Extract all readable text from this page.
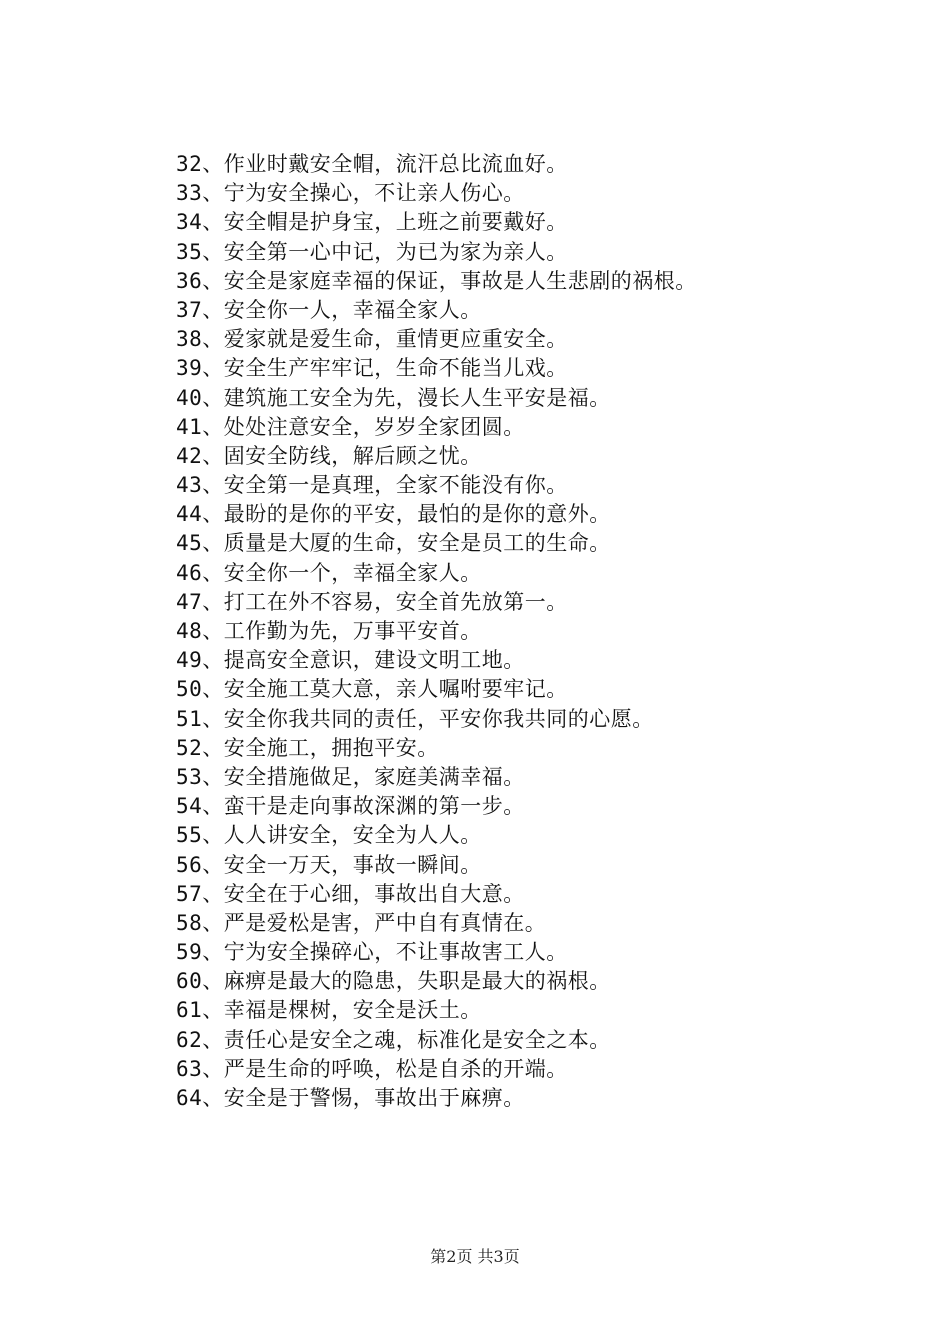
32、作业时戴安全帽，流汗总比流血好。
33、宁为安全操心，不让亲人伤心。
34、安全帽是护身宝，上班之前要戴好。
35、安全第一心中记，为已为家为亲人。
36、安全是家庭幸福的保证，事故是人生悲剧的祸根。
37、安全你一人，幸福全家人。
38、爱家就是爱生命，重情更应重安全。
39、安全生产牢牢记，生命不能当儿戏。
40、建筑施工安全为先，漫长人生平安是福。
41、处处注意安全，岁岁全家团圆。
42、固安全防线，解后顾之忧。
43、安全第一是真理，全家不能没有你。
44、最盼的是你的平安，最怕的是你的意外。
45、质量是大厦的生命，安全是员工的生命。
46、安全你一个，幸福全家人。
47、打工在外不容易，安全首先放第一。
48、工作勤为先，万事平安首。
49、提高安全意识，建设文明工地。
50、安全施工莫大意，亲人嘱咐要牢记。
51、安全你我共同的责任，平安你我共同的心愿。
52、安全施工，拥抱平安。
53、安全措施做足，家庭美满幸福。
54、蛮干是走向事故深渊的第一步。
55、人人讲安全，安全为人人。
56、安全一万天，事故一瞬间。
57、安全在于心细，事故出自大意。
58、严是爱松是害，严中自有真情在。
59、宁为安全操碎心，不让事故害工人。
60、麻痹是最大的隐患，失职是最大的祸根。
61、幸福是棵树，安全是沃土。
62、责任心是安全之魂，标准化是安全之本。
63、严是生命的呼唤，松是自杀的开端。
64、安全是于警惕，事故出于麻痹。
第2页 共3页
